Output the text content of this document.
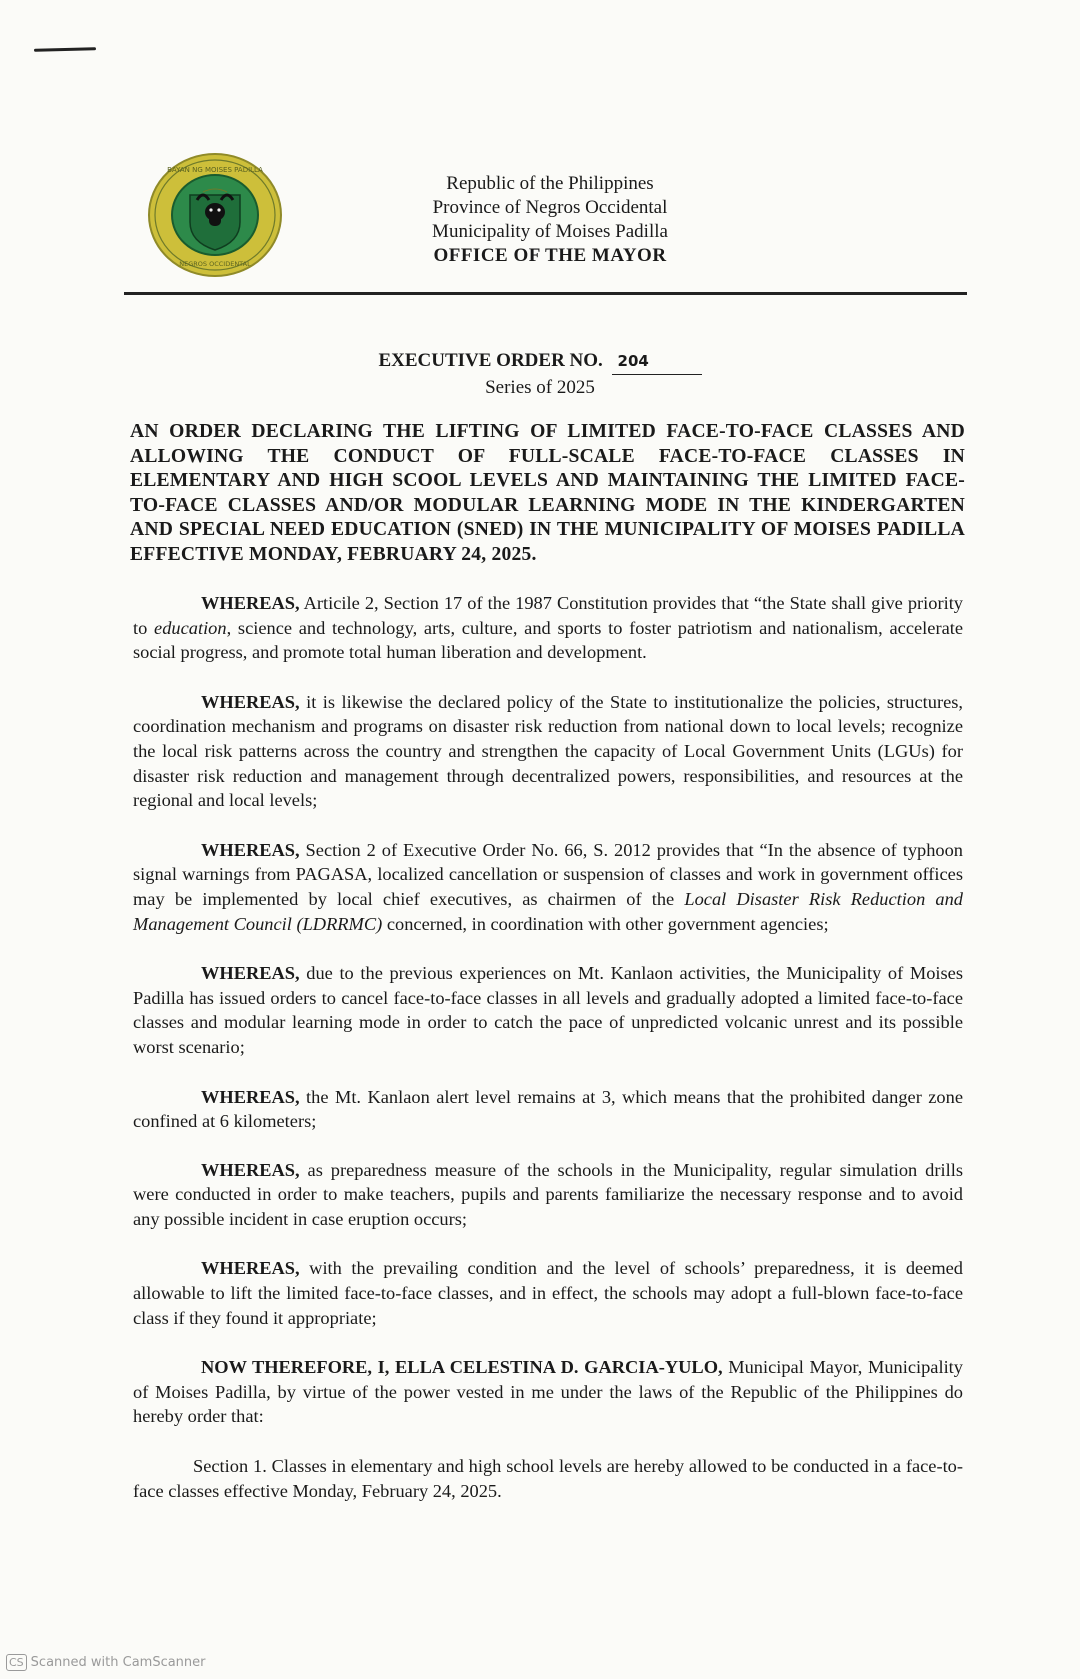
BAYAN NG MOISES PADILLA
NEGROS OCCIDENTAL
Republic of the Philippines
Province of Negros Occidental
Municipality of Moises Padilla
OFFICE OF THE MAYOR
EXECUTIVE ORDER NO. 204
Series of 2025
AN ORDER DECLARING THE LIFTING OF LIMITED FACE-TO-FACE CLASSES AND ALLOWING THE CONDUCT OF FULL-SCALE FACE-TO-FACE CLASSES IN ELEMENTARY AND HIGH SCOOL LEVELS AND MAINTAINING THE LIMITED FACE-TO-FACE CLASSES AND/OR MODULAR LEARNING MODE IN THE KINDERGARTEN AND SPECIAL NEED EDUCATION (SNED) IN THE MUNICIPALITY OF MOISES PADILLA EFFECTIVE MONDAY, FEBRUARY 24, 2025.

WHEREAS, Articile 2, Section 17 of the 1987 Constitution provides that “the State shall give priority to education, science and technology, arts, culture, and sports to foster patriotism and nationalism, accelerate social progress, and promote total human liberation and development.

WHEREAS, it is likewise the declared policy of the State to institutionalize the policies, structures, coordination mechanism and programs on disaster risk reduction from national down to local levels; recognize the local risk patterns across the country and strengthen the capacity of Local Government Units (LGUs) for disaster risk reduction and management through decentralized powers, responsibilities, and resources at the regional and local levels;

WHEREAS, Section 2 of Executive Order No. 66, S. 2012 provides that “In the absence of typhoon signal warnings from PAGASA, localized cancellation or suspension of classes and work in government offices may be implemented by local chief executives, as chairmen of the Local Disaster Risk Reduction and Management Council (LDRRMC) concerned, in coordination with other government agencies;

WHEREAS, due to the previous experiences on Mt. Kanlaon activities, the Municipality of Moises Padilla has issued orders to cancel face-to-face classes in all levels and gradually adopted a limited face-to-face classes and modular learning mode in order to catch the pace of unpredicted volcanic unrest and its possible worst scenario;

WHEREAS, the Mt. Kanlaon alert level remains at 3, which means that the prohibited danger zone confined at 6 kilometers;

WHEREAS, as preparedness measure of the schools in the Municipality, regular simulation drills were conducted in order to make teachers, pupils and parents familiarize the necessary response and to avoid any possible incident in case eruption occurs;

WHEREAS, with the prevailing condition and the level of schools’ preparedness, it is deemed allowable to lift the limited face-to-face classes, and in effect, the schools may adopt a full-blown face-to-face class if they found it appropriate;

NOW THEREFORE, I, ELLA CELESTINA D. GARCIA-YULO, Municipal Mayor, Municipality of Moises Padilla, by virtue of the power vested in me under the laws of the Republic of the Philippines do hereby order that:

Section 1. Classes in elementary and high school levels are hereby allowed to be conducted in a face-to-face classes effective Monday, February 24, 2025.

CS Scanned with CamScanner
